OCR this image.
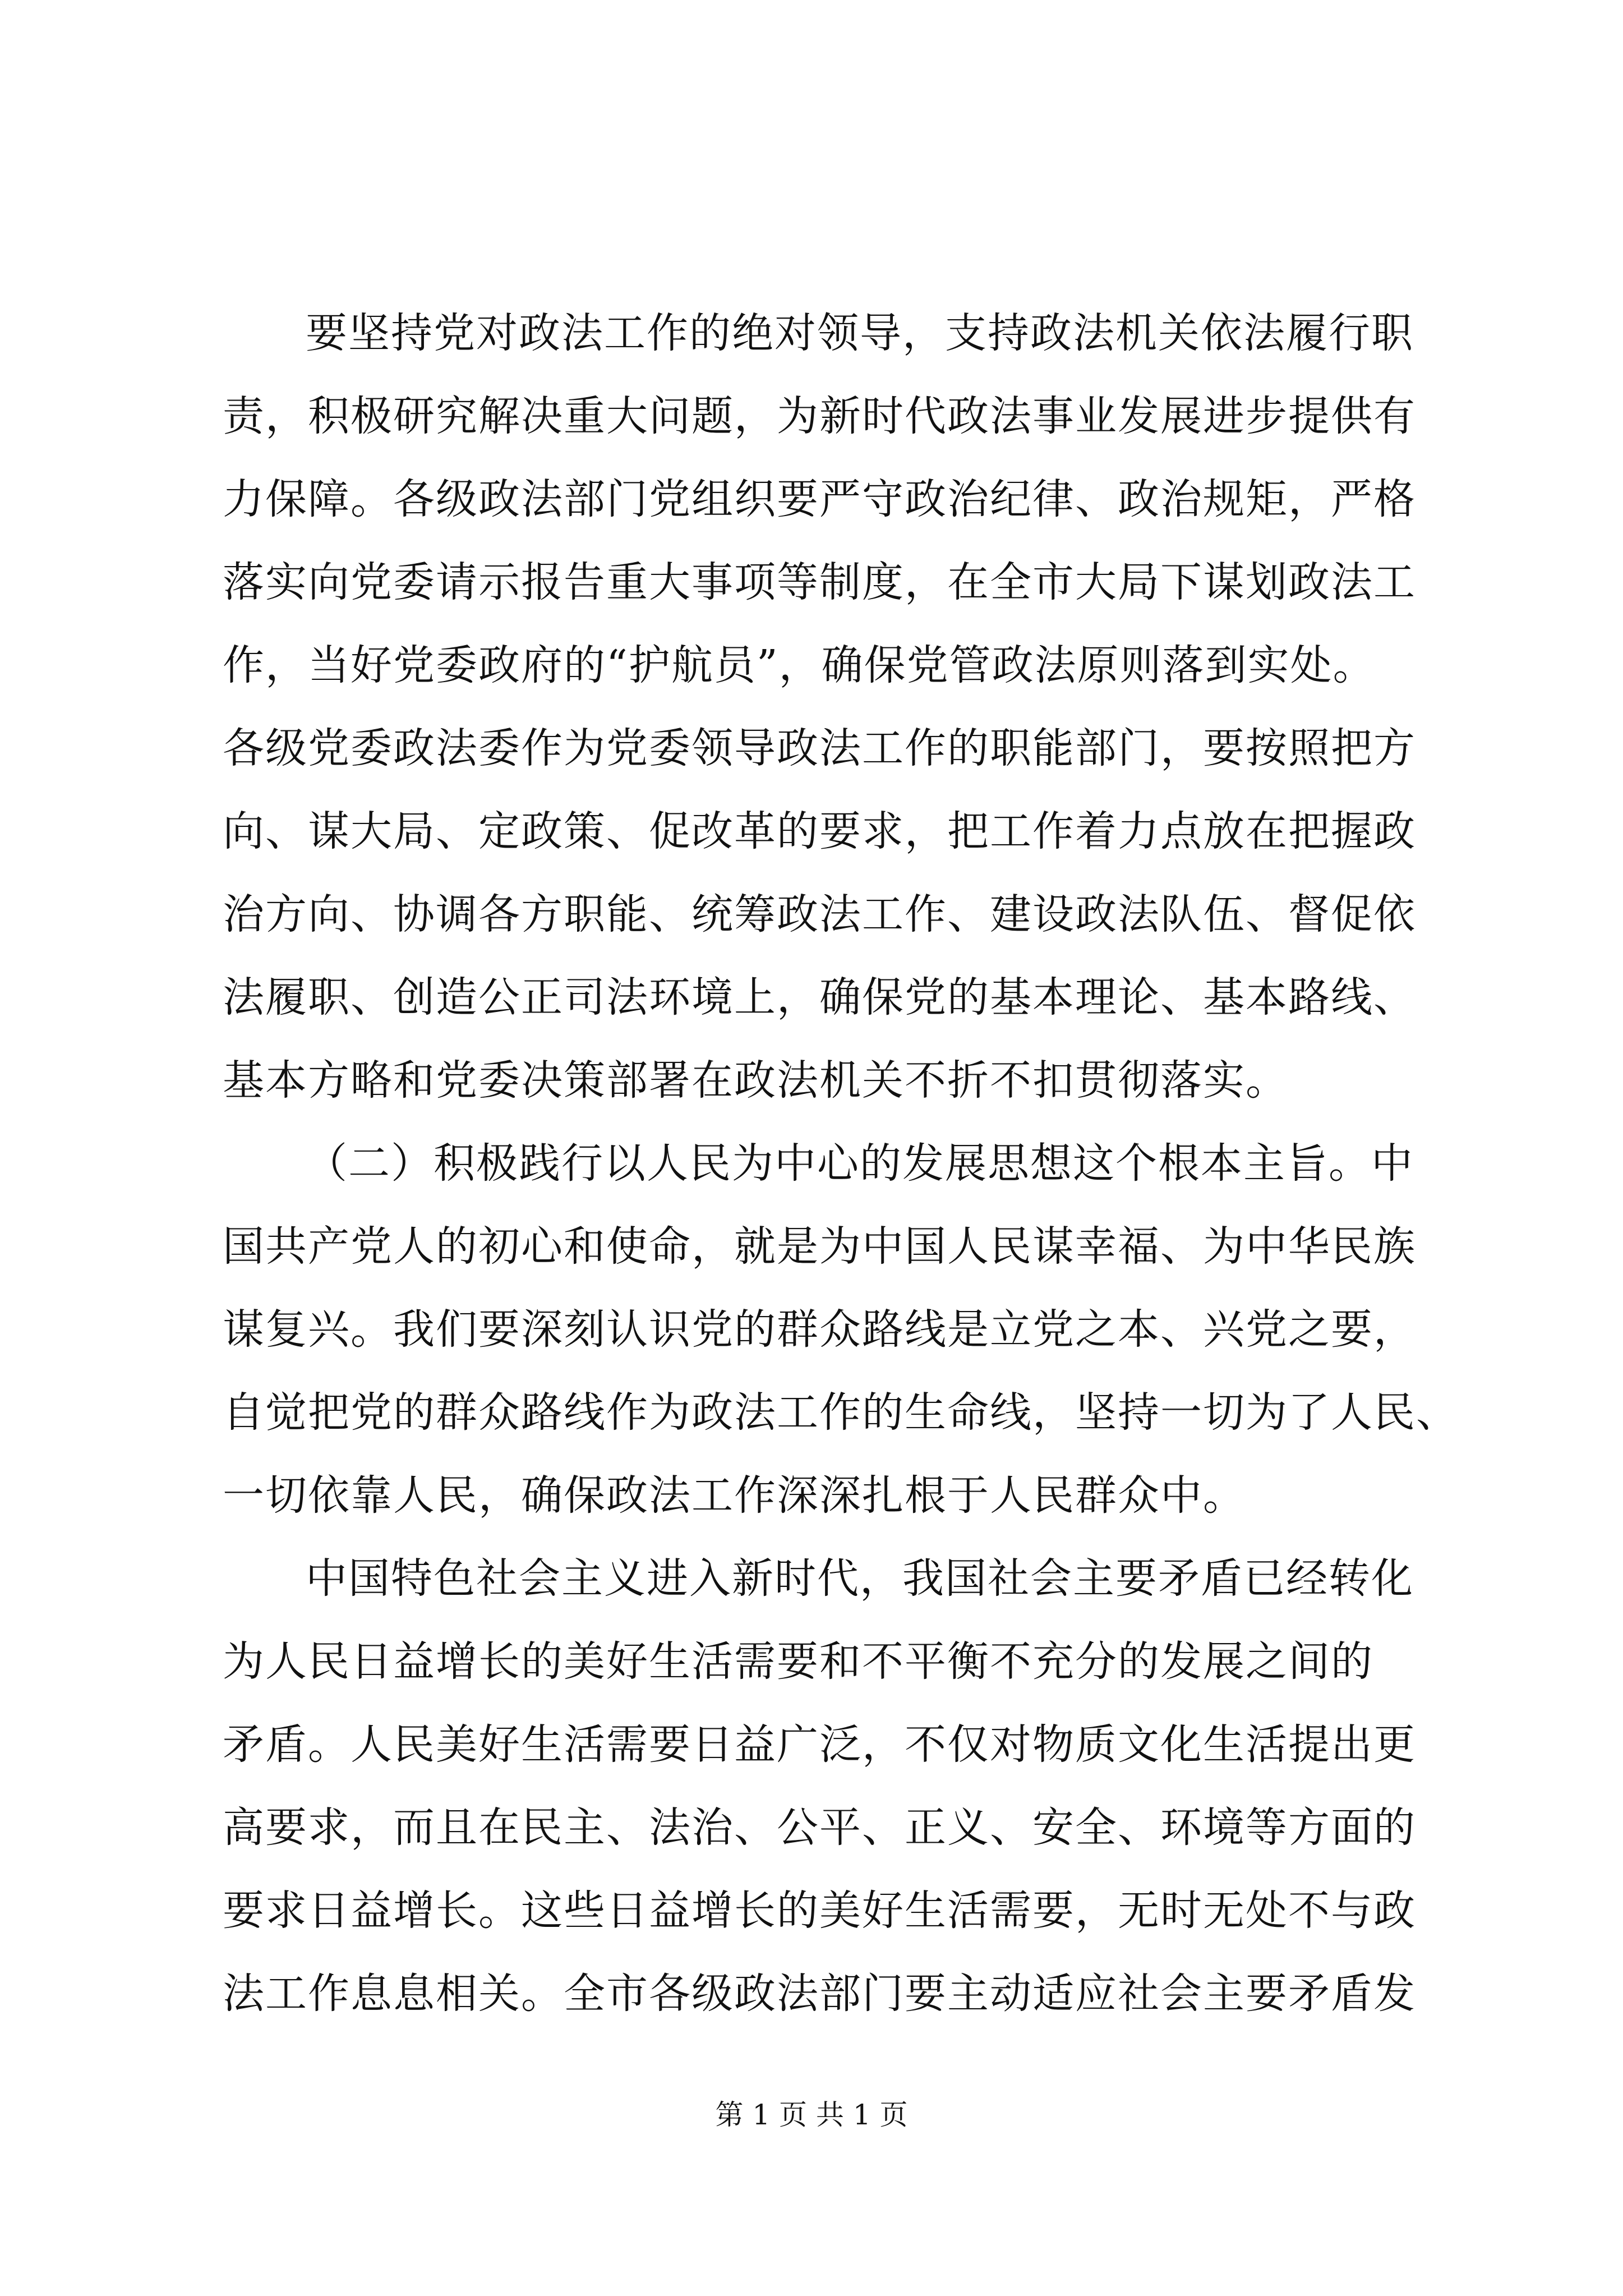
要坚持党对政法工作的绝对领导，支持政法机关依法履行职
责，积极研究解决重大问题，为新时代政法事业发展进步提供有
力保障。各级政法部门党组织要严守政治纪律、政治规矩，严格
落实向党委请示报告重大事项等制度，在全市大局下谋划政法工
作，当好党委政府的“护航员”，确保党管政法原则落到实处。
各级党委政法委作为党委领导政法工作的职能部门，要按照把方
向、谋大局、定政策、促改革的要求，把工作着力点放在把握政
治方向、协调各方职能、统筹政法工作、建设政法队伍、督促依
法履职、创造公正司法环境上，确保党的基本理论、基本路线、
基本方略和党委决策部署在政法机关不折不扣贯彻落实。
（二）积极践行以人民为中心的发展思想这个根本主旨。中
国共产党人的初心和使命，就是为中国人民谋幸福、为中华民族
谋复兴。我们要深刻认识党的群众路线是立党之本、兴党之要，
自觉把党的群众路线作为政法工作的生命线，坚持一切为了人民、
一切依靠人民，确保政法工作深深扎根于人民群众中。
中国特色社会主义进入新时代，我国社会主要矛盾已经转化
为人民日益增长的美好生活需要和不平衡不充分的发展之间的
矛盾。人民美好生活需要日益广泛，不仅对物质文化生活提出更
高要求，而且在民主、法治、公平、正义、安全、环境等方面的
要求日益增长。这些日益增长的美好生活需要，无时无处不与政
法工作息息相关。全市各级政法部门要主动适应社会主要矛盾发
第 1 页 共 1 页
